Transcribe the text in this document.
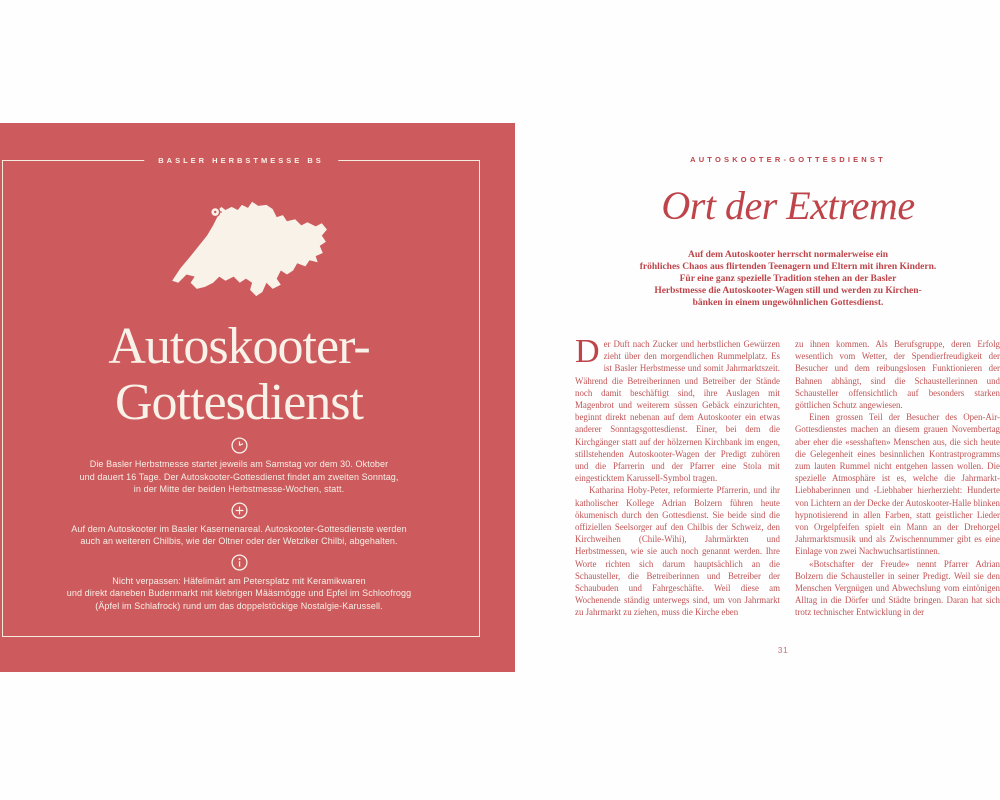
BASLER HERBSTMESSE BS
Autoskooter-
Gottesdienst
Die Basler Herbstmesse startet jeweils am Samstag vor dem 30. Oktober
und dauert 16 Tage. Der Autoskooter-Gottesdienst findet am zweiten Sonntag,
in der Mitte der beiden Herbstmesse-Wochen, statt.
Auf dem Autoskooter im Basler Kasernenareal. Autoskooter-Gottesdienste werden
auch an weiteren Chilbis, wie der Oltner oder der Wetziker Chilbi, abgehalten.
Nicht verpassen: Häfelimärt am Petersplatz mit Keramikwaren
und direkt daneben Budenmarkt mit klebrigen Määsmögge und Epfel im Schloofrogg
(Äpfel im Schlafrock) rund um das doppelstöckige Nostalgie-Karussell.
AUTOSKOOTER-GOTTESDIENST
Ort der Extreme
Auf dem Autoskooter herrscht normalerweise ein
fröhliches Chaos aus flirtenden Teenagern und Eltern mit ihren Kindern.
Für eine ganz spezielle Tradition stehen an der Basler
Herbstmesse die Autoskooter-Wagen still und werden zu Kirchen-
bänken in einem ungewöhnlichen Gottesdienst.

Der Duft nach Zucker und herbstlichen Gewürzen zieht über den morgendlichen Rummelplatz. Es ist Basler Herbstmesse und somit Jahrmarktszeit. Während die Betreiberinnen und Betreiber der Stände noch damit beschäftigt sind, ihre Auslagen mit Magenbrot und weiterem süssen Gebäck einzurichten, beginnt direkt nebenan auf dem Autoskooter ein etwas anderer Sonntagsgottesdienst. Einer, bei dem die Kirchgänger statt auf der hölzernen Kirchbank im engen, stillstehenden Autoskooter-Wagen der Predigt zuhören und die Pfarrerin und der Pfarrer eine Stola mit eingesticktem Karussell-Symbol tragen.

Katharina Hoby-Peter, reformierte Pfarrerin, und ihr katholischer Kollege Adrian Bolzern führen heute ökumenisch durch den Gottesdienst. Sie beide sind die offiziellen Seelsorger auf den Chilbis der Schweiz, den Kirchweihen (Chile-Wihi), Jahrmärkten und Herbstmessen, wie sie auch noch genannt werden. Ihre Worte richten sich darum hauptsächlich an die Schausteller, die Betreiberinnen und Betreiber der Schaubuden und Fahrgeschäfte. Weil diese am Wochenende ständig unterwegs sind, um von Jahrmarkt zu Jahrmarkt zu ziehen, muss die Kirche eben

zu ihnen kommen. Als Berufsgruppe, deren Erfolg wesentlich vom Wetter, der Spendierfreudigkeit der Besucher und dem reibungslosen Funktionieren der Bahnen abhängt, sind die Schaustellerinnen und Schausteller offensichtlich auf besonders starken göttlichen Schutz angewiesen.

Einen grossen Teil der Besucher des Open-Air-Gottesdienstes machen an diesem grauen Novembertag aber eher die «sesshaften» Menschen aus, die sich heute die Gelegenheit eines besinnlichen Kontrastprogramms zum lauten Rummel nicht entgehen lassen wollen. Die spezielle Atmosphäre ist es, welche die Jahrmarkt-Liebhaberinnen und -Liebhaber hierherzieht: Hunderte von Lichtern an der Decke der Autoskooter-Halle blinken hypnotisierend in allen Farben, statt geistlicher Lieder von Orgelpfeifen spielt ein Mann an der Drehorgel Jahrmarktsmusik und als Zwischennummer gibt es eine Einlage von zwei Nachwuchsartistinnen.

«Botschafter der Freude» nennt Pfarrer Adrian Bolzern die Schausteller in seiner Predigt. Weil sie den Menschen Vergnügen und Abwechslung vom eintönigen Alltag in die Dörfer und Städte bringen. Daran hat sich trotz technischer Entwicklung in der

31
